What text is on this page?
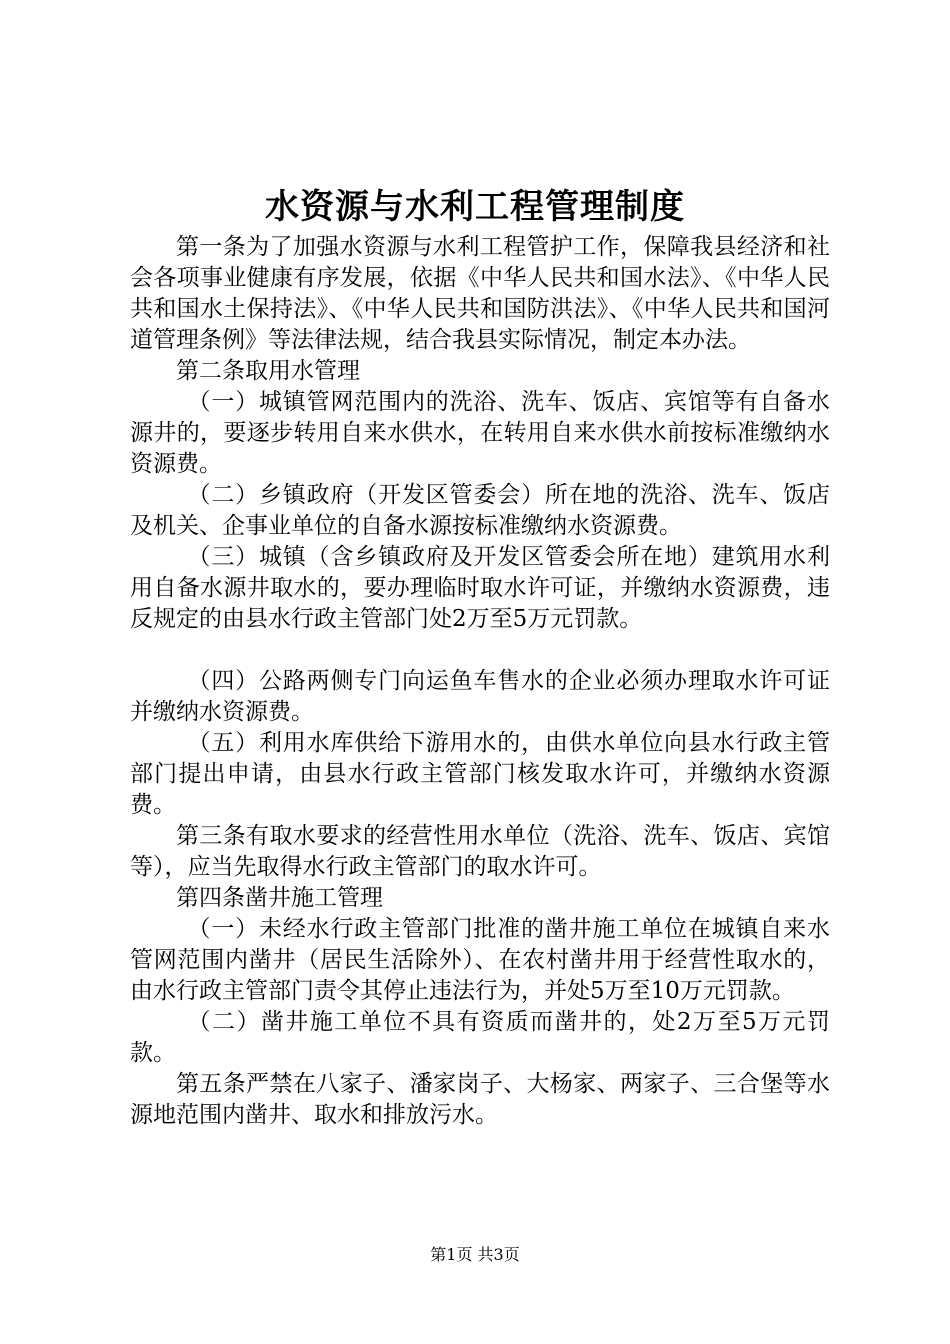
水资源与水利工程管理制度

第一条为了加强水资源与水利工程管护工作，保障我县经济和社会各项事业健康有序发展，依据《中华人民共和国水法》、《中华人民共和国水土保持法》、《中华人民共和国防洪法》、《中华人民共和国河道管理条例》等法律法规，结合我县实际情况，制定本办法。

第二条取用水管理

（一）城镇管网范围内的洗浴、洗车、饭店、宾馆等有自备水源井的，要逐步转用自来水供水，在转用自来水供水前按标准缴纳水资源费。

（二）乡镇政府（开发区管委会）所在地的洗浴、洗车、饭店及机关、企事业单位的自备水源按标准缴纳水资源费。

（三）城镇（含乡镇政府及开发区管委会所在地）建筑用水利用自备水源井取水的，要办理临时取水许可证，并缴纳水资源费，违反规定的由县水行政主管部门处2万至5万元罚款。

（四）公路两侧专门向运鱼车售水的企业必须办理取水许可证并缴纳水资源费。

（五）利用水库供给下游用水的，由供水单位向县水行政主管部门提出申请，由县水行政主管部门核发取水许可，并缴纳水资源费。

第三条有取水要求的经营性用水单位（洗浴、洗车、饭店、宾馆等），应当先取得水行政主管部门的取水许可。

第四条凿井施工管理

（一）未经水行政主管部门批准的凿井施工单位在城镇自来水管网范围内凿井（居民生活除外）、在农村凿井用于经营性取水的，由水行政主管部门责令其停止违法行为，并处5万至10万元罚款。

（二）凿井施工单位不具有资质而凿井的，处2万至5万元罚款。

第五条严禁在八家子、潘家岗子、大杨家、两家子、三合堡等水源地范围内凿井、取水和排放污水。

第1页 共3页
